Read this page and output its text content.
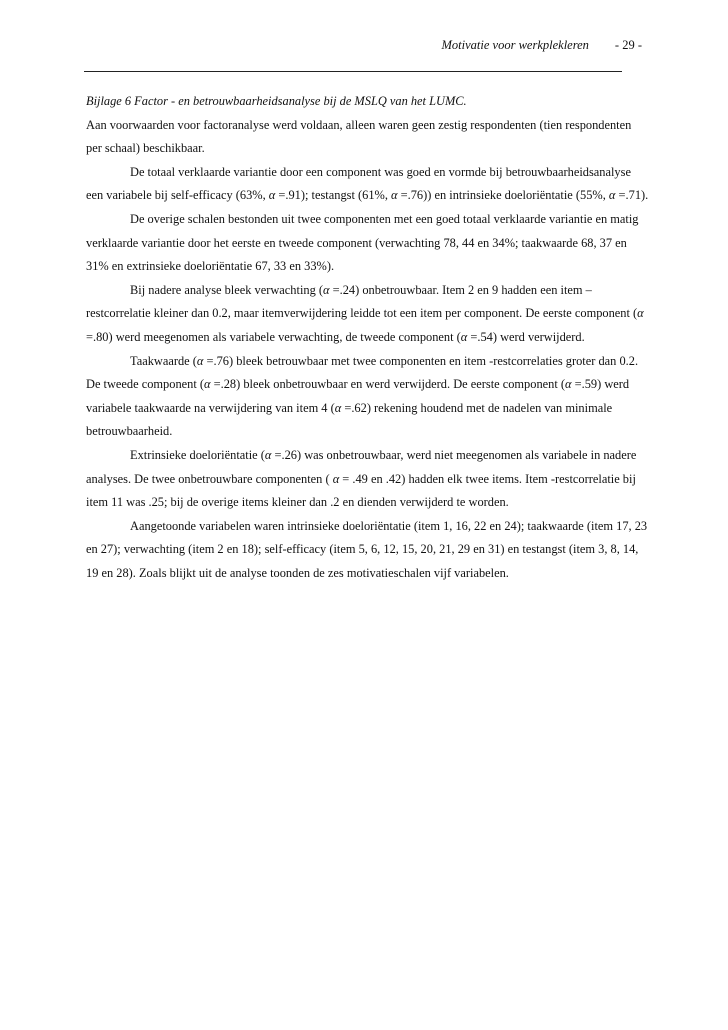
Motivatie voor werkplekleren - 29 -

Bijlage 6 Factor - en betrouwbaarheidsanalyse bij de MSLQ van het LUMC.

Aan voorwaarden voor factoranalyse werd voldaan, alleen waren geen zestig respondenten (tien respondenten per schaal) beschikbaar.

De totaal verklaarde variantie door een component was goed en vormde bij betrouwbaarheidsanalyse een variabele bij self-efficacy (63%, α =.91); testangst (61%, α =.76)) en intrinsieke doeloriëntatie (55%, α =.71).

De overige schalen bestonden uit twee componenten met een goed totaal verklaarde variantie en matig verklaarde variantie door het eerste en tweede component (verwachting 78, 44 en 34%; taakwaarde 68, 37 en 31% en extrinsieke doeloriëntatie 67, 33 en 33%).

Bij nadere analyse bleek verwachting (α =.24) onbetrouwbaar. Item 2 en 9 hadden een item –restcorrelatie kleiner dan 0.2, maar itemverwijdering leidde tot een item per component. De eerste component (α =.80) werd meegenomen als variabele verwachting, de tweede component (α =.54) werd verwijderd.

Taakwaarde (α =.76) bleek betrouwbaar met twee componenten en item -restcorrelaties groter dan 0.2. De tweede component (α =.28) bleek onbetrouwbaar en werd verwijderd. De eerste component (α =.59) werd variabele taakwaarde na verwijdering van item 4 (α =.62) rekening houdend met de nadelen van minimale betrouwbaarheid.

Extrinsieke doeloriëntatie (α =.26) was onbetrouwbaar, werd niet meegenomen als variabele in nadere analyses. De twee onbetrouwbare componenten ( α = .49 en .42) hadden elk twee items. Item -restcorrelatie bij item 11 was .25; bij de overige items kleiner dan .2 en dienden verwijderd te worden.

Aangetoonde variabelen waren intrinsieke doeloriëntatie (item 1, 16, 22 en 24); taakwaarde (item 17, 23 en 27); verwachting (item 2 en 18); self-efficacy (item 5, 6, 12, 15, 20, 21, 29 en 31) en testangst (item 3, 8, 14, 19 en 28). Zoals blijkt uit de analyse toonden de zes motivatieschalen vijf variabelen.
